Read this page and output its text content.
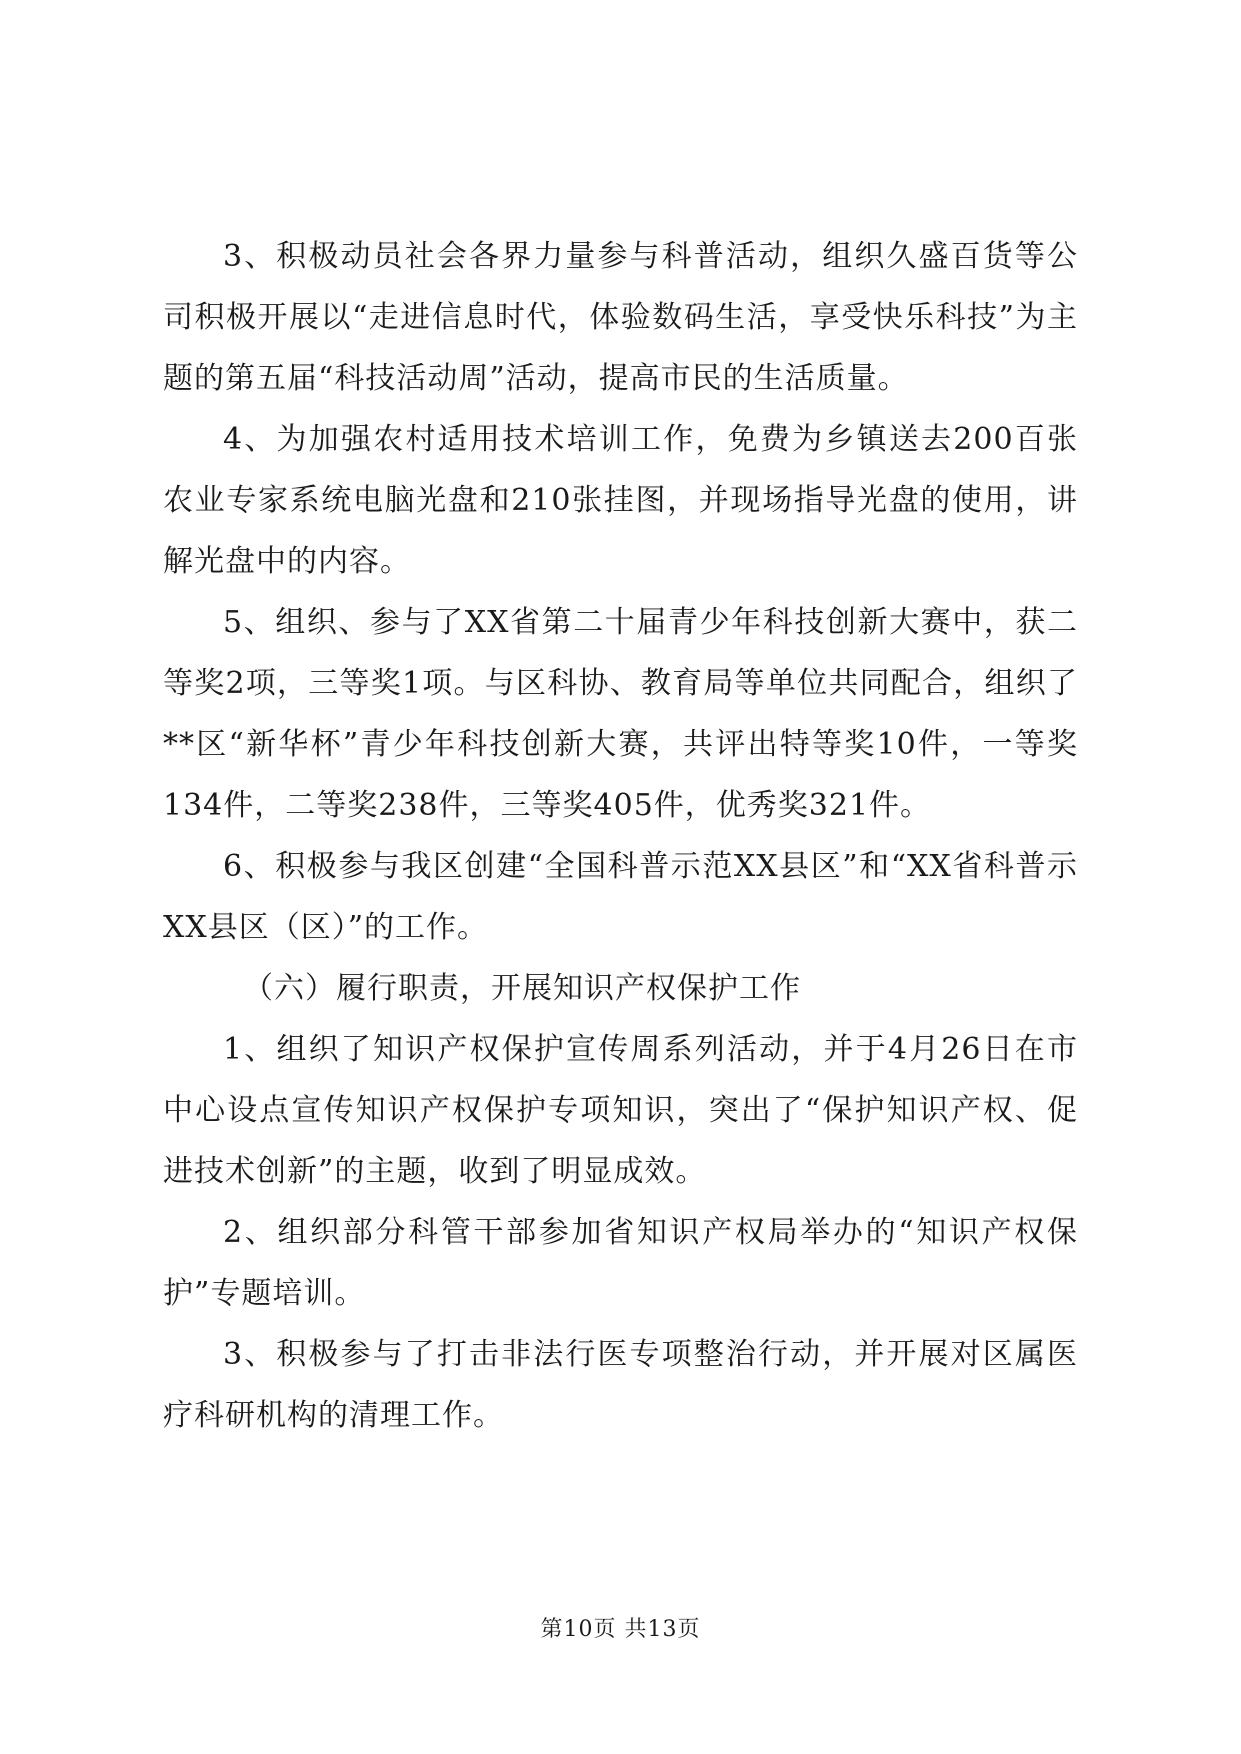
3、积极动员社会各界力量参与科普活动，组织久盛百货等公司积极开展以“走进信息时代，体验数码生活，享受快乐科技”为主题的第五届“科技活动周”活动，提高市民的生活质量。

4、为加强农村适用技术培训工作，免费为乡镇送去200百张农业专家系统电脑光盘和210张挂图，并现场指导光盘的使用，讲解光盘中的内容。

5、组织、参与了XX省第二十届青少年科技创新大赛中，获二等奖2项，三等奖1项。与区科协、教育局等单位共同配合，组织了**区“新华杯”青少年科技创新大赛，共评出特等奖10件，一等奖134件，二等奖238件，三等奖405件，优秀奖321件。

6、积极参与我区创建“全国科普示范XX县区”和“XX省科普示XX县区（区）”的工作。

（六）履行职责，开展知识产权保护工作

1、组织了知识产权保护宣传周系列活动，并于4月26日在市中心设点宣传知识产权保护专项知识，突出了“保护知识产权、促进技术创新”的主题，收到了明显成效。

2、组织部分科管干部参加省知识产权局举办的“知识产权保护”专题培训。

3、积极参与了打击非法行医专项整治行动，并开展对区属医疗科研机构的清理工作。

第10页 共13页
